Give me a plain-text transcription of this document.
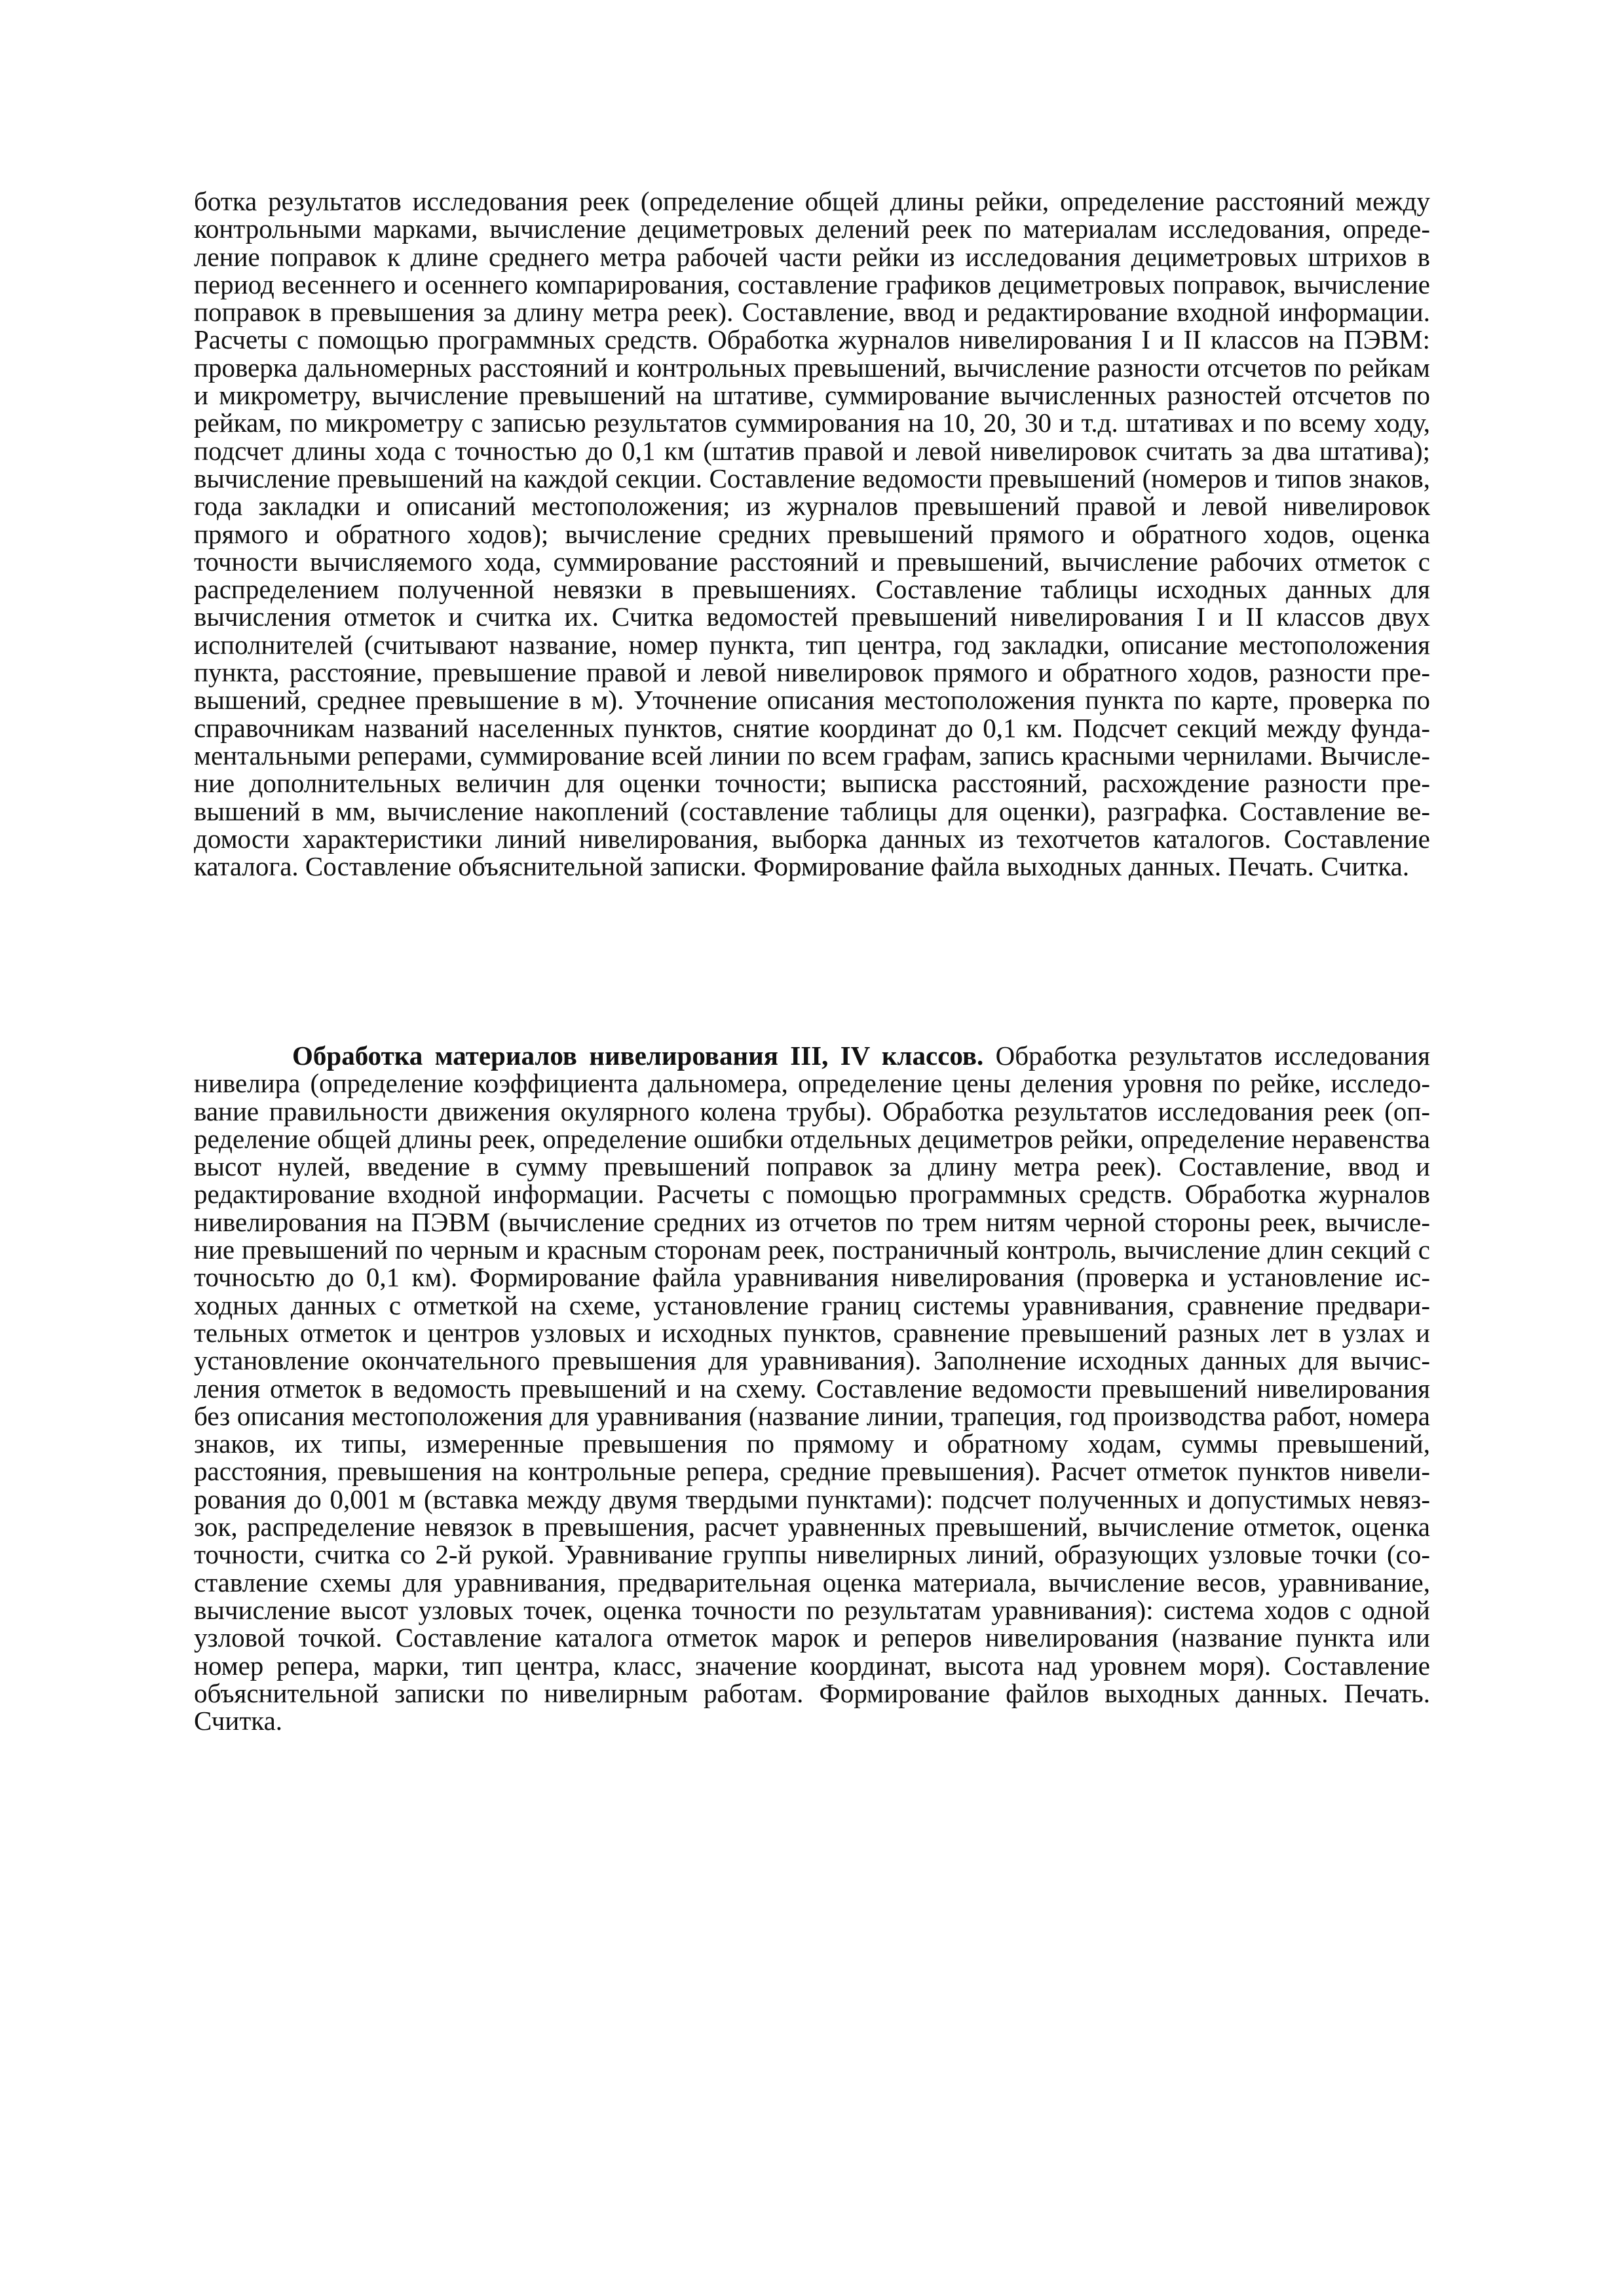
ботка результатов исследования реек (определение общей длины рейки, определение расстояний между контрольными марками, вычисление дециметровых делений реек по материалам исследования, определение поправок к длине среднего метра рабочей части рейки из исследования дециметровых штрихов в период весеннего и осеннего компарирования, составление графиков дециметровых поправок, вычисление поправок в превышения за длину метра реек). Составление, ввод и редактирование входной информации. Расчеты с помощью программных средств. Обработка журналов нивелирования I и II классов на ПЭВМ: проверка дальномерных расстояний и контрольных превышений, вычисление разности отсчетов по рейкам и микрометру, вычисление превышений на штативе, суммирование вычисленных разностей отсчетов по рейкам, по микрометру с записью результатов суммирования на 10, 20, 30 и т.д. штативах и по всему ходу, подсчет длины хода с точностью до 0,1 км (штатив правой и левой нивелировок считать за два штатива); вычисление превышений на каждой секции. Составление ведомости превышений (номеров и типов знаков, года закладки и описаний местоположения; из журналов превышений правой и левой нивелировок прямого и обратного ходов); вычисление средних превышений прямого и обратного ходов, оценка точности вычисляемого хода, суммирование расстояний и превышений, вычисление рабочих отметок с распределением полученной невязки в превышениях. Составление таблицы исходных данных для вычисления отметок и считка их. Считка ведомостей превышений нивелирования I и II классов двух исполнителей (считывают название, номер пункта, тип центра, год закладки, описание местоположения пункта, расстояние, превышение правой и левой нивелировок прямого и обратного ходов, разности превышений, среднее превышение в м). Уточнение описания местоположения пункта по карте, проверка по справочникам названий населенных пунктов, снятие координат до 0,1 км. Подсчет секций между фундаментальными реперами, суммирование всей линии по всем графам, запись красными чернилами. Вычисление дополнительных величин для оценки точности; выписка расстояний, расхождение разности превышений в мм, вычисление накоплений (составление таблицы для оценки), разграфка. Составление ведомости характеристики линий нивелирования, выборка данных из техотчетов каталогов. Составление каталога. Составление объяснительной записки. Формирование файла выходных данных. Печать. Считка.

Обработка материалов нивелирования III, IV классов. Обработка результатов исследования нивелира (определение коэффициента дальномера, определение цены деления уровня по рейке, исследование правильности движения окулярного колена трубы). Обработка результатов исследования реек (определение общей длины реек, определение ошибки отдельных дециметров рейки, определение неравенства высот нулей, введение в сумму превышений поправок за длину метра реек). Составление, ввод и редактирование входной информации. Расчеты с помощью программных средств. Обработка журналов нивелирования на ПЭВМ (вычисление средних из отчетов по трем нитям черной стороны реек, вычисление превышений по черным и красным сторонам реек, постраничный контроль, вычисление длин секций с точносьтю до 0,1 км). Формирование файла уравнивания нивелирования (проверка и установление исходных данных с отметкой на схеме, установление границ системы уравнивания, сравнение предварительных отметок и центров узловых и исходных пунктов, сравнение превышений разных лет в узлах и установление окончательного превышения для уравнивания). Заполнение исходных данных для вычисления отметок в ведомость превышений и на схему. Составление ведомости превышений нивелирования без описания местоположения для уравнивания (название линии, трапеция, год производства работ, номера знаков, их типы, измеренные превышения по прямому и обратному ходам, суммы превышений, расстояния, превышения на контрольные репера, средние превышения). Расчет отметок пунктов нивелирования до 0,001 м (вставка между двумя твердыми пунктами): подсчет полученных и допустимых невяззок, распределение невязок в превышения, расчет уравненных превышений, вычисление отметок, оценка точности, считка со 2-й рукой. Уравнивание группы нивелирных линий, образующих узловые точки (составление схемы для уравнивания, предварительная оценка материала, вычисление весов, уравнивание, вычисление высот узловых точек, оценка точности по результатам уравнивания): система ходов с одной узловой точкой. Составление каталога отметок марок и реперов нивелирования (название пункта или номер репера, марки, тип центра, класс, значение координат, высота над уровнем моря). Составление объяснительной записки по нивелирным работам. Формирование файлов выходных данных. Печать. Считка.
